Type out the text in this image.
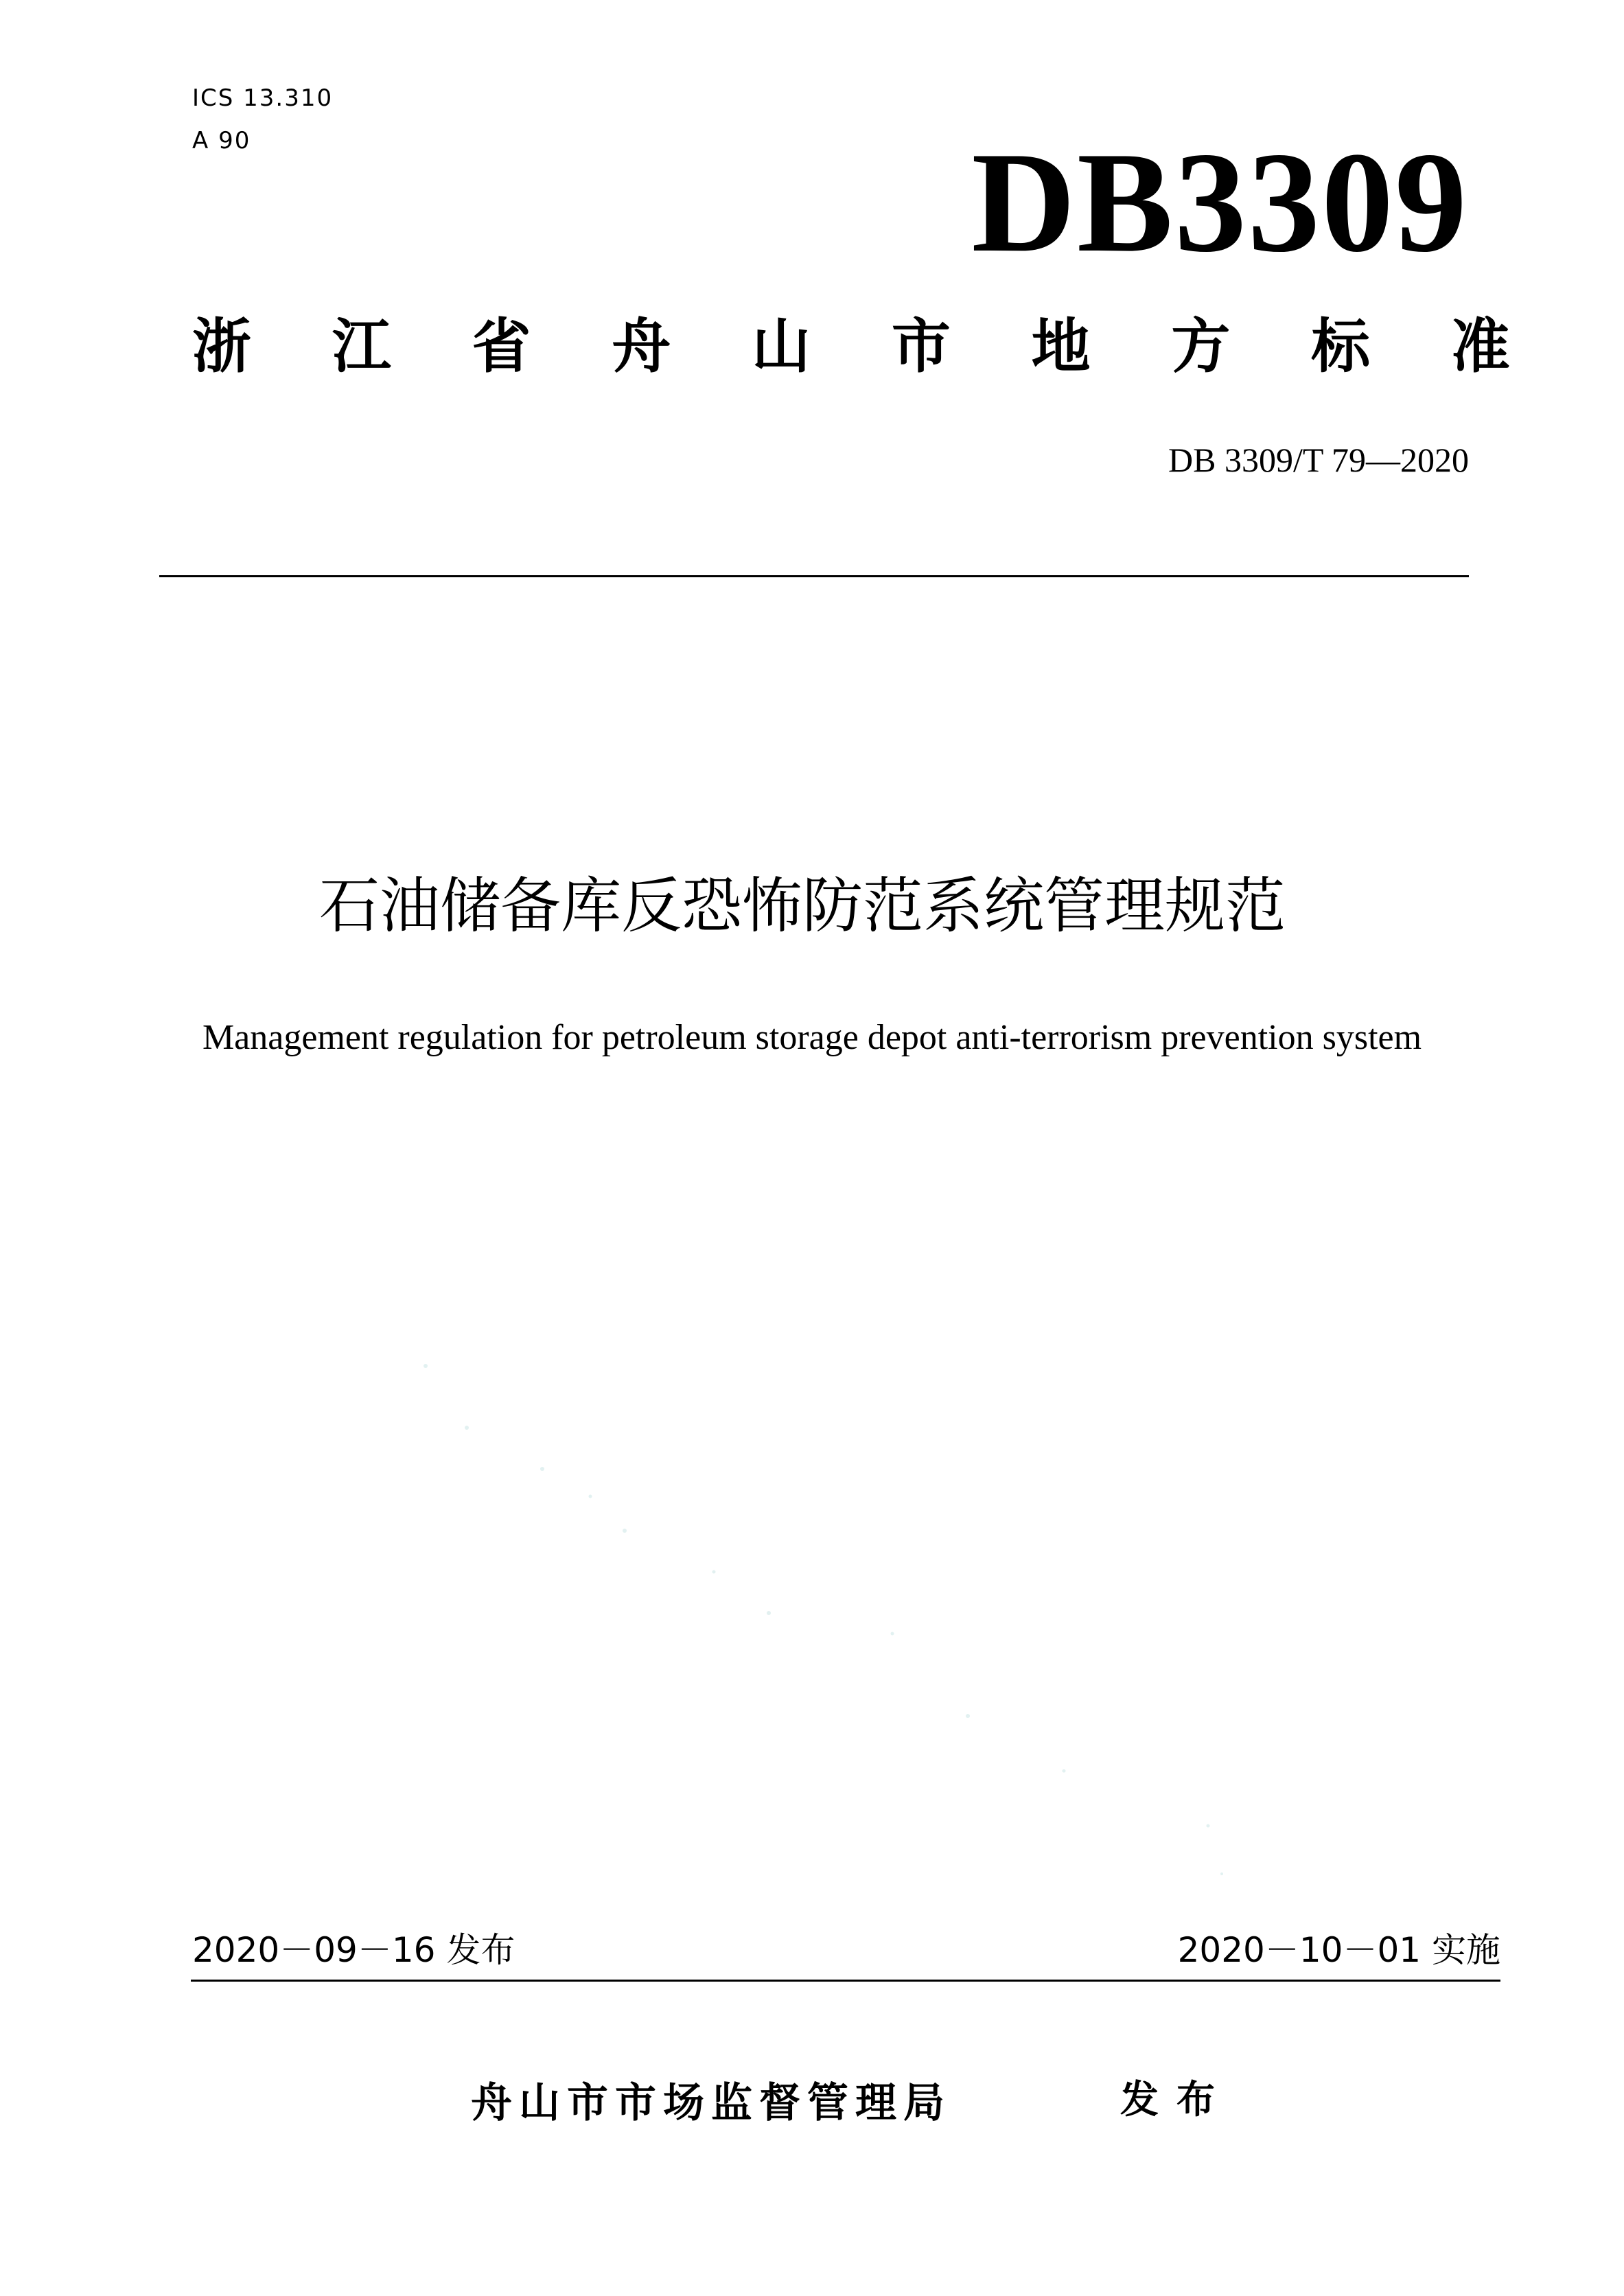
ICS 13.310
A 90	DB3309
浙 江 省 舟 山 市 地 方 标 准
DB 3309/T 79—2020
石油储备库反恐怖防范系统管理规范
Management regulation for petroleum storage depot anti-terrorism prevention system
2020－09－16 发布	2020－10－01 实施
舟山市市场监督管理局	发布
